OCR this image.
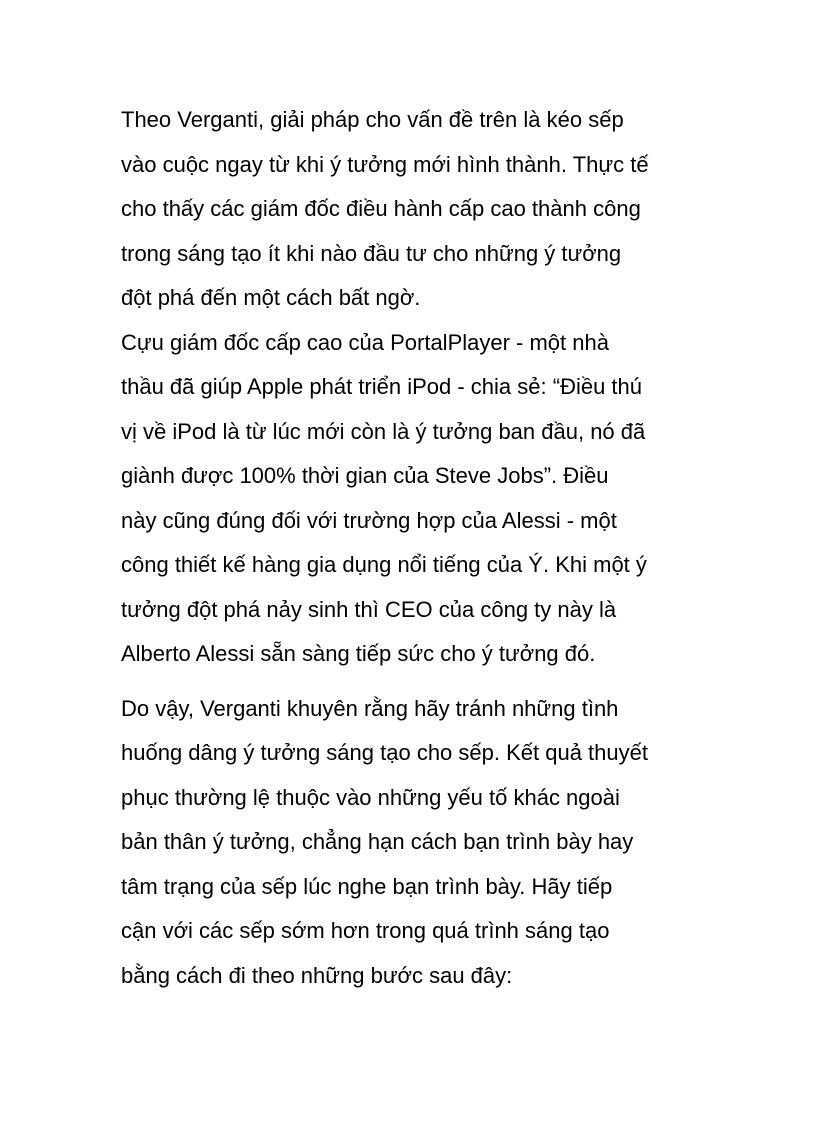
Theo Verganti, giải pháp cho vấn đề trên là kéo sếp
vào cuộc ngay từ khi ý tưởng mới hình thành. Thực tế
cho thấy các giám đốc điều hành cấp cao thành công
trong sáng tạo ít khi nào đầu tư cho những ý tưởng
đột phá đến một cách bất ngờ.
Cựu giám đốc cấp cao của PortalPlayer - một nhà
thầu đã giúp Apple phát triển iPod - chia sẻ: “Điều thú
vị về iPod là từ lúc mới còn là ý tưởng ban đầu, nó đã
giành được 100% thời gian của Steve Jobs”. Điều
này cũng đúng đối với trường hợp của Alessi - một
công thiết kế hàng gia dụng nổi tiếng của Ý. Khi một ý
tưởng đột phá nảy sinh thì CEO của công ty này là
Alberto Alessi sẵn sàng tiếp sức cho ý tưởng đó.
Do vậy, Verganti khuyên rằng hãy tránh những tình
huống dâng ý tưởng sáng tạo cho sếp. Kết quả thuyết
phục thường lệ thuộc vào những yếu tố khác ngoài
bản thân ý tưởng, chẳng hạn cách bạn trình bày hay
tâm trạng của sếp lúc nghe bạn trình bày. Hãy tiếp
cận với các sếp sớm hơn trong quá trình sáng tạo
bằng cách đi theo những bước sau đây:
